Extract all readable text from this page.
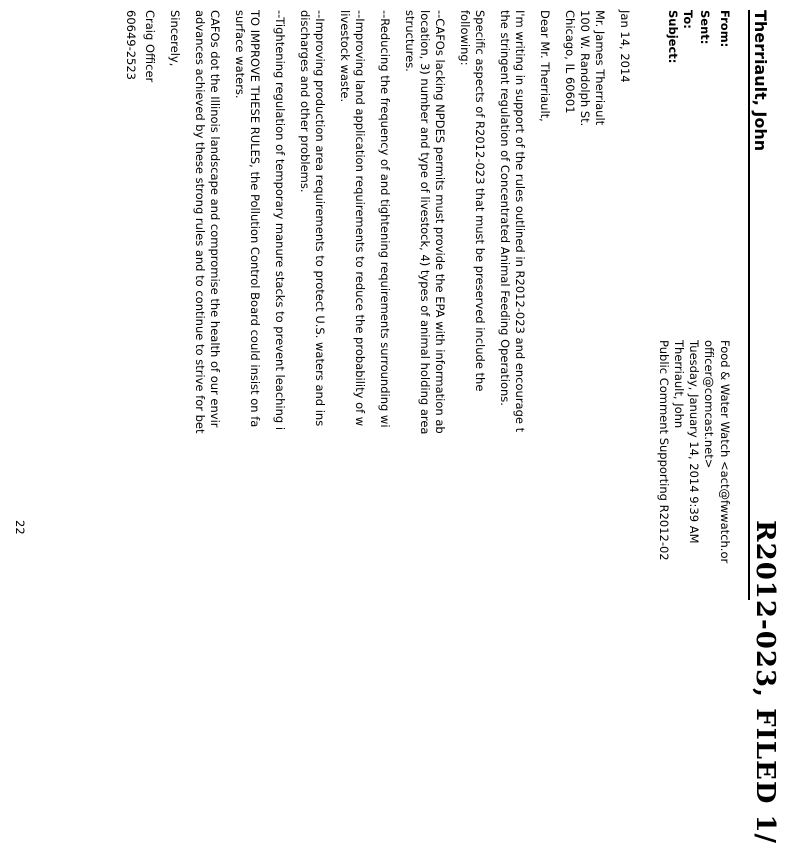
R2012-023, FILED 1/
Therriault, John
From:
Sent:
To:
Subject:
Food & Water Watch <act@fwwatch.or
officer@comcast.net>
Tuesday, January 14, 2014 9:39 AM
Therriault, John
Public Comment Supporting R2012-02

Jan 14, 2014

Mr. James Therriault

100 W. Randolph St.

Chicago, IL 60601

Dear Mr. Therriault,

I'm writing in support of the rules outlined in R2012-023 and encourage t
the stringent regulation of Concentrated Animal Feeding Operations.

Specific aspects of R2012-023 that must be preserved include the
following:

--CAFOs lacking NPDES permits must provide the EPA with information ab
location, 3) number and type of livestock, 4) types of animal holding area
structures.

--Reducing the frequency of and tightening requirements surrounding wi

--Improving land application requirements to reduce the probability of w
livestock waste.

--Improving production area requirements to protect U.S. waters and ins
discharges and other problems.

--Tightening regulation of temporary manure stacks to prevent leaching i

TO IMPROVE THESE RULES, the Pollution Control Board could insist on fa
surface waters.

CAFOs dot the Illinois landscape and compromise the health of our envir
advances achieved by these strong rules and to continue to strive for bet

Sincerely,

Craig Officer

60649-2523

22
